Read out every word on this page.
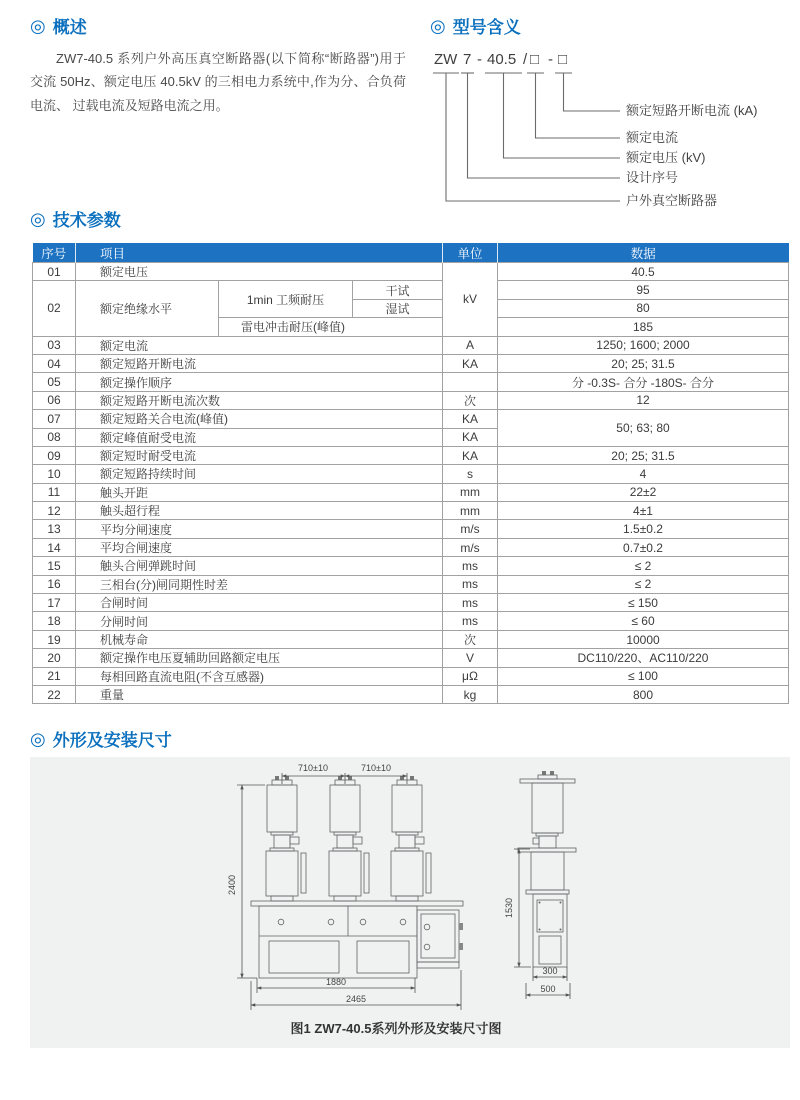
◎ 概述	◎ 型号含义
◎ 技术参数
◎ 外形及安装尺寸
ZW7-40.5 系列户外高压真空断路器(以下简称“断路器”)用于交流 50Hz、额定电压 40.5kV 的三相电力系统中,作为分、合负荷电流、 过载电流及短路电流之用。
ZW 7 - 40.5 / □ - □
额定短路开断电流 (kA)
额定电流
额定电压 (kV)
设计序号
户外真空断路器
序号	项目			单位	数据
01	额定电压			kV	40.5
02	额定绝缘水平	1min 工频耐压	干试		95
			湿试		80
		雷电冲击耐压(峰值)			185
03	额定电流			A	1250; 1600; 2000
04	额定短路开断电流			KA	20; 25; 31.5
05	额定操作顺序				分 -0.3S- 合分 -180S- 合分
06	额定短路开断电流次数			次	12
07	额定短路关合电流(峰值)			KA	50; 63; 80
08	额定峰值耐受电流			KA	
09	额定短时耐受电流			KA	20; 25; 31.5
10	额定短路持续时间			s	4
11	触头开距			mm	22±2
12	触头超行程			mm	4±1
13	平均分闸速度			m/s	1.5±0.2
14	平均合闸速度			m/s	0.7±0.2
15	触头合闸弹跳时间			ms	≤ 2
16	三相台(分)闸同期性时差			ms	≤ 2
17	合闸时间			ms	≤ 150
18	分闸时间			ms	≤ 60
19	机械寿命			次	10000
20	额定操作电压夏辅助回路额定电压			V	DC110/220、AC110/220
21	每相回路直流电阻(不含互感器)			μΩ	≤ 100
22	重量			kg	800
710±10	710±10
2400
1880
2465
1530
300
500
图1 ZW7-40.5系列外形及安装尺寸图
